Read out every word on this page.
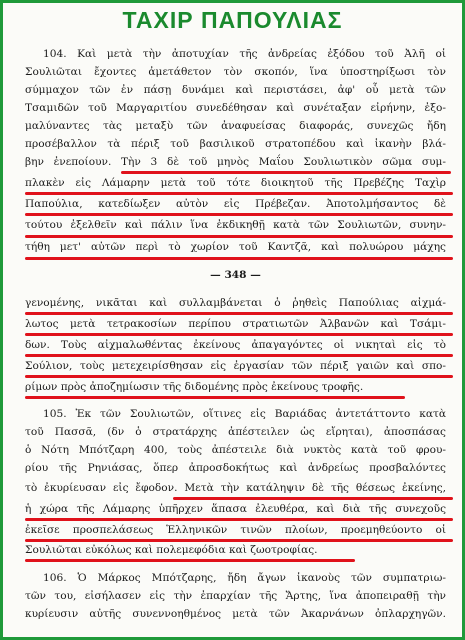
ΤΑΧΙΡ ΠΑΠΟΥΛΙΑΣ
104. Καὶ μετὰ τὴν ἀποτυχίαν τῆς ἀνδρείας ἐξόδου τοῦ Ἀλῆ οἱ
Σουλιῶται ἔχοντες ἀμετάθετον τὸν σκοπόν, ἵνα ὑποστηρίξωσι τὸν
σύμμαχον τῶν ἐν πάσῃ δυνάμει καὶ περιστάσει, ἀφ' οὗ μετὰ τῶν
Τσαμιδῶν τοῦ Μαργαριτίου συνεδέθησαν καὶ συνέταξαν εἰρήνην, ἐξο-
μαλύναντες τὰς μεταξὺ τῶν ἀναφυείσας διαφοράς, συνεχῶς ἤδη
προσέβαλλον τὰ πέριξ τοῦ βασιλικοῦ στρατοπέδου καὶ ἱκανὴν βλά-
βην ἐνεποίουν. Τὴν 3 δὲ τοῦ μηνὸς Μαΐου Σουλιωτικὸν σῶμα συμ-
πλακὲν εἰς Λάμαρην μετὰ τοῦ τότε διοικητοῦ τῆς Πρεβέζης Ταχὶρ
Παπούλια, κατεδίωξεν αὐτὸν εἰς Πρέβεζαν. Ἀποτολμήσαντος δὲ
τούτου ἐξελθεῖν καὶ πάλιν ἵνα ἐκδικηθῇ κατὰ τῶν Σουλιωτῶν, συνην-
τήθη μετ' αὐτῶν περὶ τὸ χωρίον τοῦ Καντζᾶ, καὶ πολυώρου μάχης
— 348 —
γενομένης, νικᾶται καὶ συλλαμβάνεται ὁ ῥηθεὶς Παπούλιας αἰχμά-
λωτος μετὰ τετρακοσίων περίπου στρατιωτῶν Ἀλβανῶν καὶ Τσάμι-
δων. Τοὺς αἰχμαλωθέντας ἐκείνους ἀπαγαγόντες οἱ νικηταὶ εἰς τὸ
Σούλιον, τοὺς μετεχειρίσθησαν εἰς ἐργασίαν τῶν πέριξ γαιῶν καὶ σπο-
ρίμων πρὸς ἀποζημίωσιν τῆς διδομένης πρὸς ἐκείνους τροφῆς.
105. Ἐκ τῶν Σουλιωτῶν, οἵτινες εἰς Βαριάδας ἀντετάττοντο κατὰ
τοῦ Πασσᾶ, (δν ὁ στρατάρχης ἀπέστειλεν ὡς εἴρηται), ἀποσπάσας
ὁ Νότη Μπότζαρη 400, τοὺς ἀπέστειλε διὰ νυκτὸς κατὰ τοῦ φρου-
ρίου τῆς Ρηνιάσας, ὅπερ ἀπροσδοκήτως καὶ ἀνδρείως προσβαλόντες
τὸ ἐκυρίευσαν εἰς ἔφοδον. Μετὰ τὴν κατάληψιν δὲ τῆς θέσεως ἐκείνης,
ἡ χώρα τῆς Λάμαρης ὑπῆρχεν ἅπασα ἐλευθέρα, καὶ διὰ τῆς συνεχοῦς
ἐκεῖσε προσπελάσεως Ἑλληνικῶν τινῶν πλοίων, προεμηθεύοντο οἱ
Σουλιῶται εὐκόλως καὶ πολεμεφόδια καὶ ζωοτροφίας.
106. Ὁ Μάρκος Μπότζαρης, ἤδη ἄγων ἱκανοὺς τῶν συμπατριω-
τῶν του, εἰσήλασεν εἰς τὴν ἐπαρχίαν τῆς Ἄρτης, ἵνα ἀποπειραθῇ τὴν
κυρίευσιν αὐτῆς συνεννοηθμένος μετὰ τῶν Ἀκαρνάνων ὀπλαρχηγῶν.
